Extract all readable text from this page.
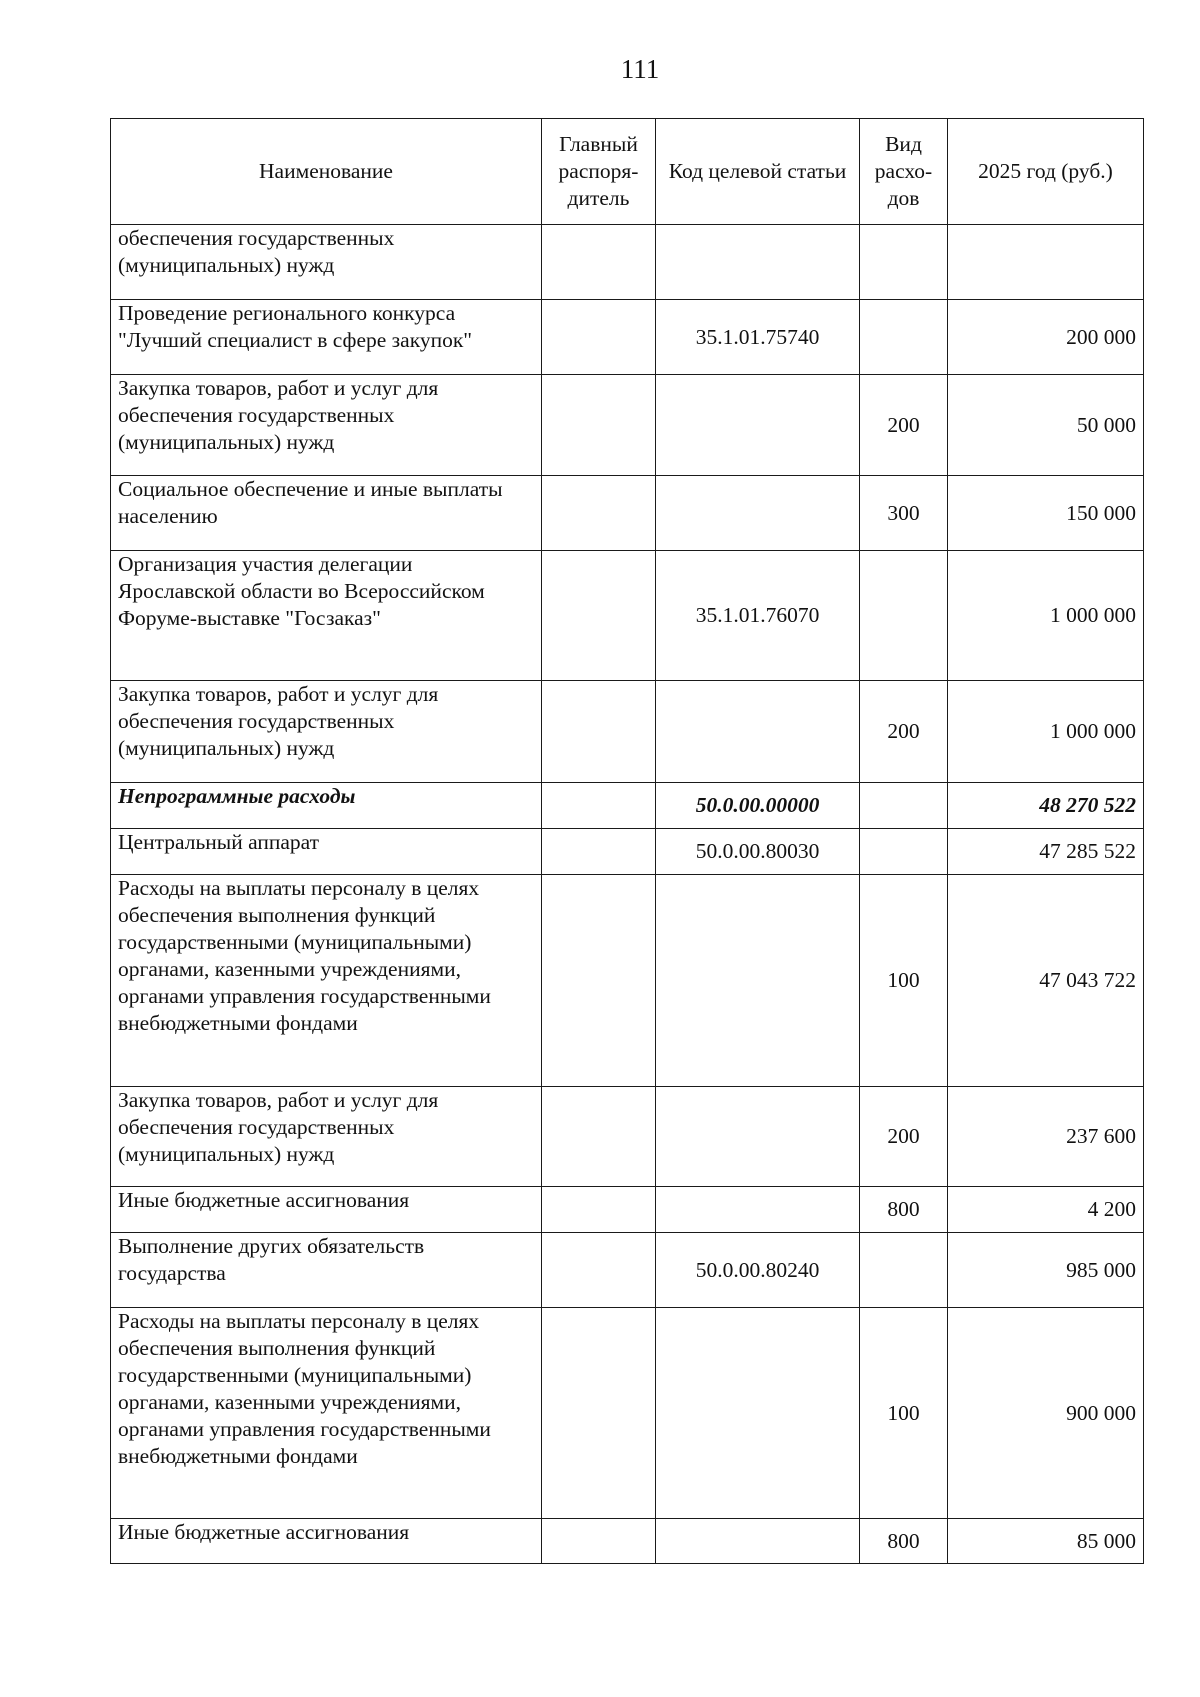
111
Наименование	Главный распоря-дитель	Код целевой статьи	Вид расхо-дов	2025 год (руб.)
обеспечения государственных (муниципальных) нужд				
Проведение регионального конкурса "Лучший специалист в сфере закупок"		35.1.01.75740		200 000
Закупка товаров, работ и услуг для обеспечения государственных (муниципальных) нужд			200	50 000
Социальное обеспечение и иные выплаты населению			300	150 000
Организация участия делегации Ярославской области во Всероссийском Форуме-выставке "Госзаказ"		35.1.01.76070		1 000 000
Закупка товаров, работ и услуг для обеспечения государственных (муниципальных) нужд			200	1 000 000
Непрограммные расходы		50.0.00.00000		48 270 522
Центральный аппарат		50.0.00.80030		47 285 522
Расходы на выплаты персоналу в целях обеспечения выполнения функций государственными (муниципальными) органами, казенными учреждениями, органами управления государственными внебюджетными фондами			100	47 043 722
Закупка товаров, работ и услуг для обеспечения государственных (муниципальных) нужд			200	237 600
Иные бюджетные ассигнования			800	4 200
Выполнение других обязательств государства		50.0.00.80240		985 000
Расходы на выплаты персоналу в целях обеспечения выполнения функций государственными (муниципальными) органами, казенными учреждениями, органами управления государственными внебюджетными фондами			100	900 000
Иные бюджетные ассигнования			800	85 000
